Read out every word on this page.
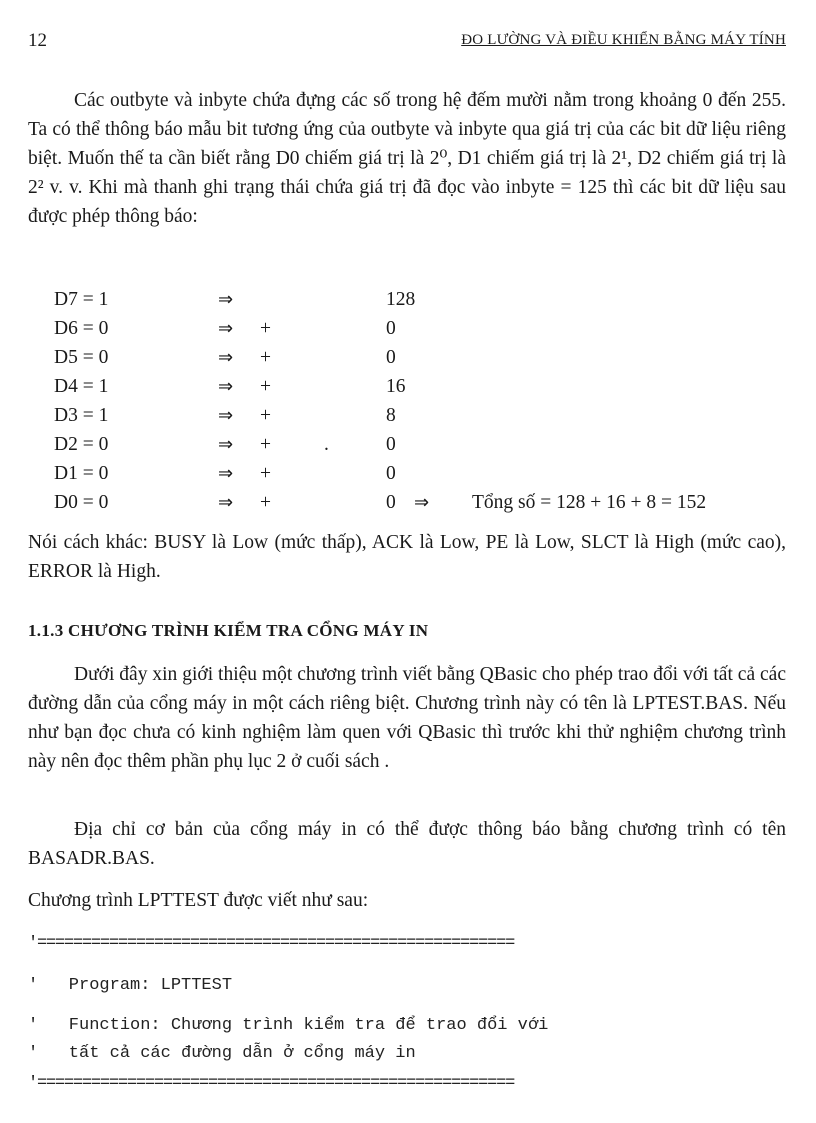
12	ĐO LƯỜNG VÀ ĐIỀU KHIỂN BẰNG MÁY TÍNH

Các outbyte và inbyte chứa đựng các số trong hệ đếm mười nằm trong khoảng 0 đến 255. Ta có thể thông báo mẫu bit tương ứng của outbyte và inbyte qua giá trị của các bit dữ liệu riêng biệt. Muốn thế ta cần biết rằng D0 chiếm giá trị là 2⁰, D1 chiếm giá trị là 2¹, D2 chiếm giá trị là 2² v. v. Khi mà thanh ghi trạng thái chứa giá trị đã đọc vào inbyte = 125 thì các bit dữ liệu sau được phép thông báo:

D7 = 1	⇒	128
D6 = 0	⇒ +	0
D5 = 0	⇒ +	0
D4 = 1	⇒ +	16
D3 = 1	⇒ +	8
D2 = 0	⇒ +	.	0
D1 = 0	⇒ +	0
D0 = 0	⇒ +	0 ⇒ Tổng số = 128 + 16 + 8 = 152

Nói cách khác: BUSY là Low (mức thấp), ACK là Low, PE là Low, SLCT là High (mức cao), ERROR là High.

1.1.3 CHƯƠNG TRÌNH KIỂM TRA CỔNG MÁY IN

Dưới đây xin giới thiệu một chương trình viết bằng QBasic cho phép trao đổi với tất cả các đường dẫn của cổng máy in một cách riêng biệt. Chương trình này có tên là LPTEST.BAS. Nếu như bạn đọc chưa có kinh nghiệm làm quen với QBasic thì trước khi thử nghiệm chương trình này nên đọc thêm phần phụ lục 2 ở cuối sách .

Địa chỉ cơ bản của cổng máy in có thể được thông báo bằng chương trình có tên BASADR.BAS.

Chương trình LPTTEST được viết như sau:

'=====================================================
'   Program: LPTTEST
'   Function: Chương trình kiểm tra để trao đổi với
'   tất cả các đường dẫn ở cổng máy in
'=====================================================
